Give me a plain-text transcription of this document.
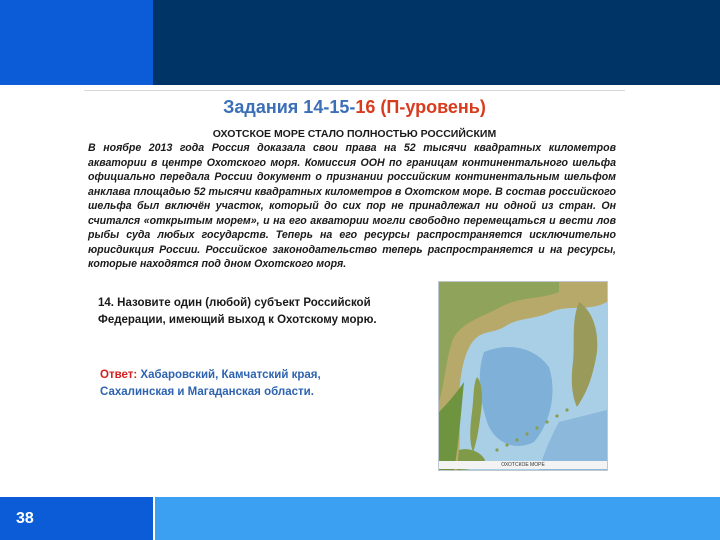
Задания 14-15-16 (П-уровень)
ОХОТСКОЕ МОРЕ СТАЛО ПОЛНОСТЬЮ РОССИЙСКИМ
В ноябре 2013 года Россия доказала свои права на 52 тысячи квадратных километров акватории в центре Охотского моря. Комиссия ООН по границам континентального шельфа официально передала России документ о признании российским континентальным шельфом анклава площадью 52 тысячи квадратных километров в Охотском море. В состав российского шельфа был включён участок, который до сих пор не принадлежал ни одной из стран. Он считался «открытым морем», и на его акватории могли свободно перемещаться и вести лов рыбы суда любых государств. Теперь на его ресурсы распространяется исключительно юрисдикция России. Российское законодательство теперь распространяется и на ресурсы, которые находятся под дном Охотского моря.
14. Назовите один (любой) субъект Российской Федерации, имеющий выход к Охотскому морю.
Ответ: Хабаровский, Камчатский края, Сахалинская и Магаданская области.
ОХОТСКОЕ МОРЕ
38
